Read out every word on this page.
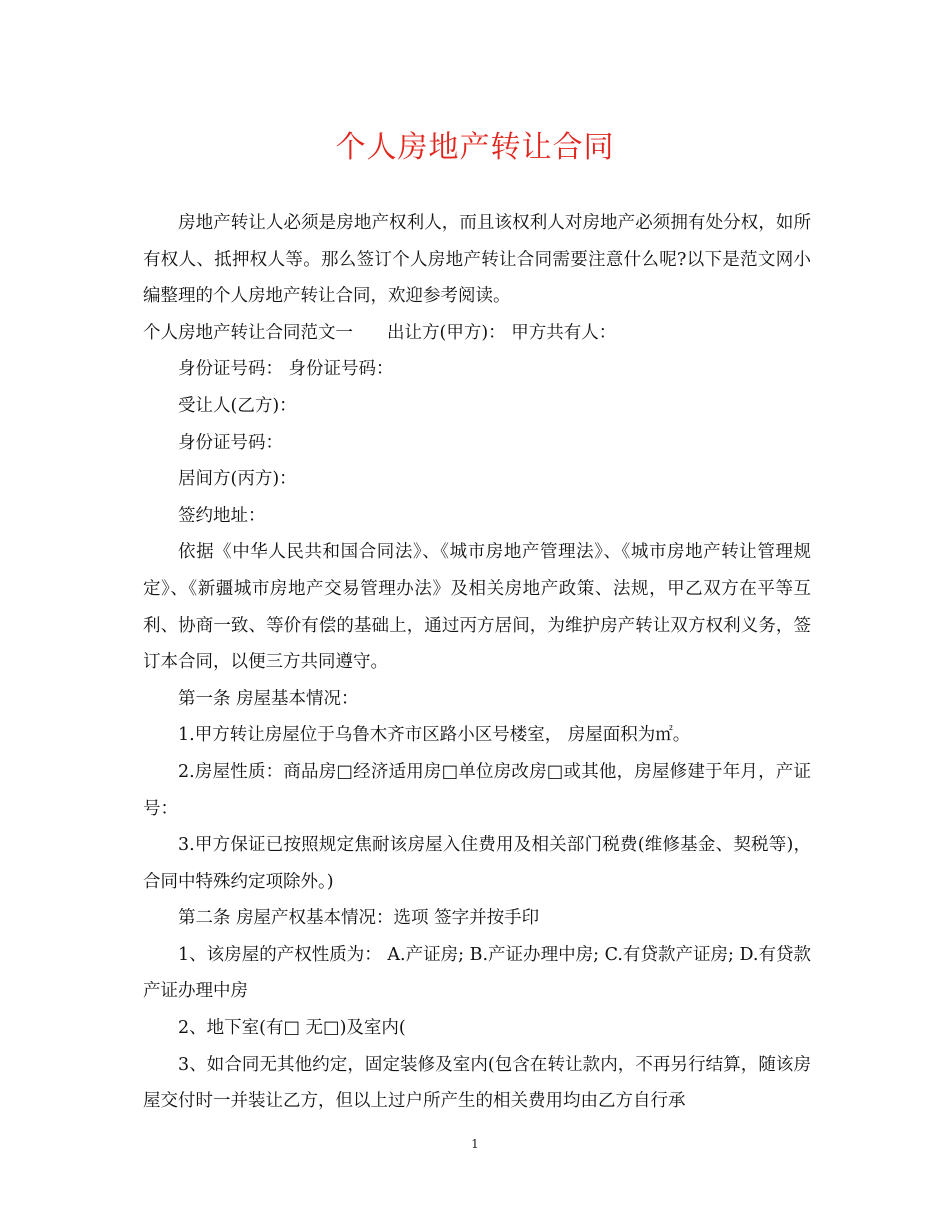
个人房地产转让合同

房地产转让人必须是房地产权利人，而且该权利人对房地产必须拥有处分权，如所有权人、抵押权人等。那么签订个人房地产转让合同需要注意什么呢?以下是范文网小编整理的个人房地产转让合同，欢迎参考阅读。

个人房地产转让合同范文一 出让方(甲方)： 甲方共有人：

身份证号码： 身份证号码：

受让人(乙方)：

身份证号码：

居间方(丙方)：

签约地址：

依据《中华人民共和国合同法》、《城市房地产管理法》、《城市房地产转让管理规定》、《新疆城市房地产交易管理办法》及相关房地产政策、法规，甲乙双方在平等互利、协商一致、等价有偿的基础上，通过丙方居间，为维护房产转让双方权利义务，签订本合同，以便三方共同遵守。

第一条 房屋基本情况：

1.甲方转让房屋位于乌鲁木齐市区路小区号楼室， 房屋面积为㎡。

2.房屋性质：商品房□经济适用房□单位房改房□或其他，房屋修建于年月，产证 号：

3.甲方保证已按照规定焦耐该房屋入住费用及相关部门税费(维修基金、契税等)，合同中特殊约定项除外。)

第二条 房屋产权基本情况：选项 签字并按手印

1、该房屋的产权性质为： A.产证房; B.产证办理中房; C.有贷款产证房; D.有贷款产证办理中房

2、地下室(有□ 无□)及室内(

3、如合同无其他约定，固定装修及室内(包含在转让款内，不再另行结算，随该房屋交付时一并装让乙方，但以上过户所产生的相关费用均由乙方自行承

1
